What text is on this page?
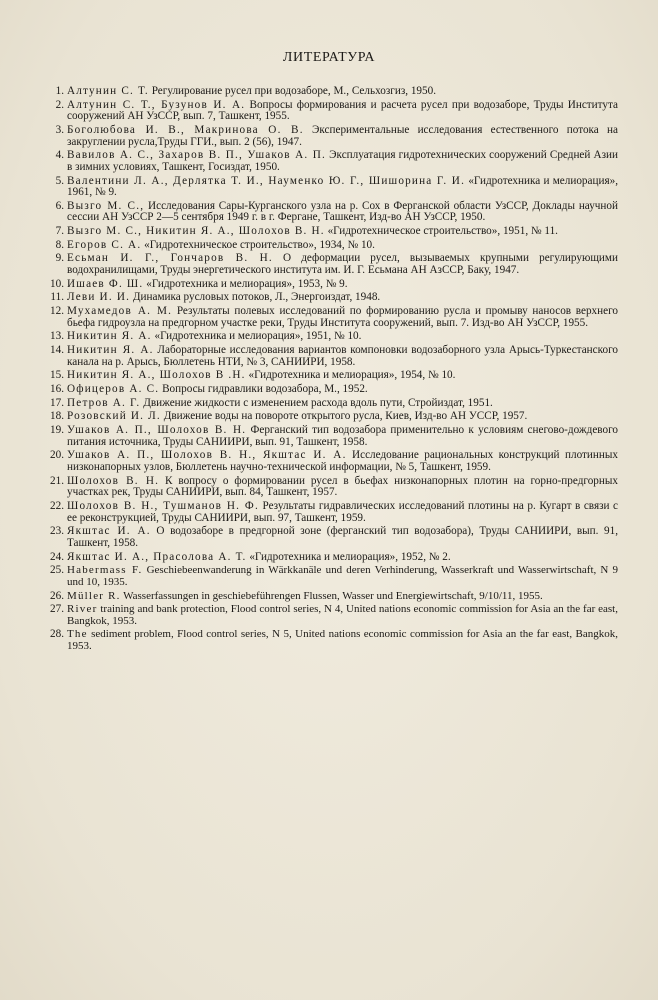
ЛИТЕРАТУРА
1. Алтунин С. Т. Регулирование русел при водозаборе, М., Сельхозгиз, 1950.
2. Алтунин С. Т., Бузунов И. А. Вопросы формирования и расчета русел при водозаборе, Труды Института сооружений АН УзССР, вып. 7, Ташкент, 1955.
3. Боголюбова И. В., Макринова О. В. Экспериментальные исследования естественного потока на закруглении русла,Труды ГГИ., вып. 2 (56), 1947.
4. Вавилов А. С., Захаров В. П., Ушаков А. П. Эксплуатация гидротехнических сооружений Средней Азии в зимних условиях, Ташкент, Госиздат, 1950.
5. Валентини Л. А., Дерлятка Т. И., Науменко Ю. Г., Шишорина Г. И. «Гидротехника и мелиорация», 1961, № 9.
6. Вызго М. С., Исследования Сары-Курганского узла на р. Сох в Ферганской области УзССР, Доклады научной сессии АН УзССР 2—5 сентября 1949 г. в г. Фергане, Ташкент, Изд-во АН УзССР, 1950.
7. Вызго М. С., Никитин Я. А., Шолохов В. Н. «Гидротехническое строительство», 1951, № 11.
8. Егоров С. А. «Гидротехническое строительство», 1934, № 10.
9. Есьман И. Г., Гончаров В. Н. О деформации русел, вызываемых крупными регулирующими водохранилищами, Труды энергетического института им. И. Г. Есьмана АН АзССР, Баку, 1947.
10. Ишаев Ф. Ш. «Гидротехника и мелиорация», 1953, № 9.
11. Леви И. И. Динамика русловых потоков, Л., Энергоиздат, 1948.
12. Мухамедов А. М. Результаты полевых исследований по формированию русла и промыву наносов верхнего бьефа гидроузла на предгорном участке реки, Труды Института сооружений, вып. 7. Изд-во АН УзССР, 1955.
13. Никитин Я. А. «Гидротехника и мелиорация», 1951, № 10.
14. Никитин Я. А. Лабораторные исследования вариантов компоновки водозаборного узла Арысь-Туркестанского канала на р. Арысь, Бюллетень НТИ, № 3, САНИИРИ, 1958.
15. Никитин Я. А., Шолохов В .Н. «Гидротехника и мелиорация», 1954, № 10.
16. Офицеров А. С. Вопросы гидравлики водозабора, М., 1952.
17. Петров А. Г. Движение жидкости с изменением расхода вдоль пути, Стройиздат, 1951.
18. Розовский И. Л. Движение воды на повороте открытого русла, Киев, Изд-во АН УССР, 1957.
19. Ушаков А. П., Шолохов В. Н. Ферганский тип водозабора применительно к условиям снегово-дождевого питания источника, Труды САНИИРИ, вып. 91, Ташкент, 1958.
20. Ушаков А. П., Шолохов В. Н., Якштас И. А. Исследование рациональных конструкций плотинных низконапорных узлов, Бюллетень научно-технической информации, № 5, Ташкент, 1959.
21. Шолохов В. Н. К вопросу о формировании русел в бьефах низконапорных плотин на горно-предгорных участках рек, Труды САНИИРИ, вып. 84, Ташкент, 1957.
22. Шолохов В. Н., Тушманов Н. Ф. Результаты гидравлических исследований плотины на р. Кугарт в связи с ее реконструкцией, Труды САНИИРИ, вып. 97, Ташкент, 1959.
23. Якштас И. А. О водозаборе в предгорной зоне (ферганский тип водозабора), Труды САНИИРИ, вып. 91, Ташкент, 1958.
24. Якштас И. А., Прасолова А. Т. «Гидротехника и мелиорация», 1952, № 2.
25. Habermass F. Geschiebeenwanderung in Wärkkanäle und deren Verhinderung, Wasserkraft und Wasserwirtschaft, N 9 und 10, 1935.
26. Müller R. Wasserfassungen in geschiebeführengen Flussen, Wasser und Energiewirtschaft, 9/10/11, 1955.
27. River training and bank protection, Flood control series, N 4, United nations economic commission for Asia an the far east, Bangkok, 1953.
28. The sediment problem, Flood control series, N 5, United nations economic commission for Asia an the far east, Bangkok, 1953.
